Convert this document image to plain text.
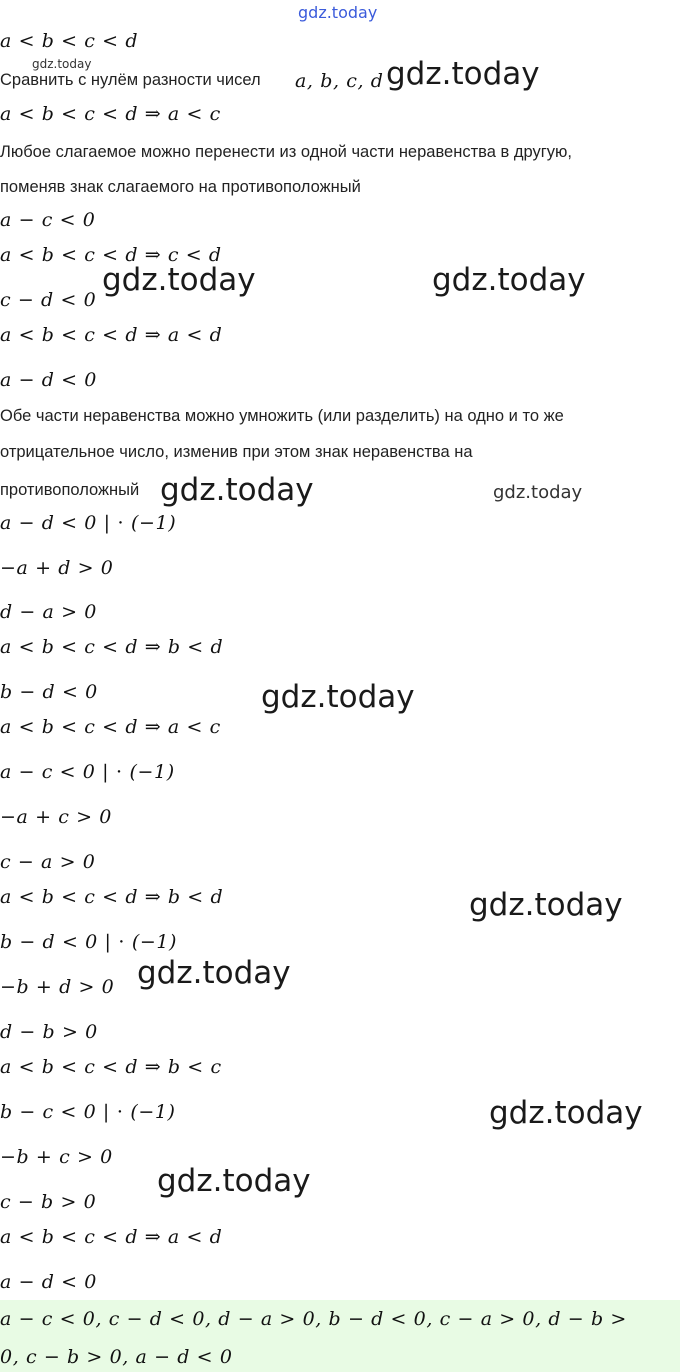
a < b < c < d
Сравнить с нулём разности чисел a, b, c, d
a < b < c < d ⇒ a < c
Любое слагаемое можно перенести из одной части неравенства в другую,
поменяв знак слагаемого на противоположный
a − c < 0
a < b < c < d ⇒ c < d
c − d < 0
a < b < c < d ⇒ a < d
a − d < 0
Обе части неравенства можно умножить (или разделить) на одно и то же
отрицательное число, изменив при этом знак неравенства на
противоположный
a − d < 0 | ⋅ (−1)
−a + d > 0
d − a > 0
a < b < c < d ⇒ b < d
b − d < 0
a < b < c < d ⇒ a < c
a − c < 0 | ⋅ (−1)
−a + c > 0
c − a > 0
a < b < c < d ⇒ b < d
b − d < 0 | ⋅ (−1)
−b + d > 0
d − b > 0
a < b < c < d ⇒ b < c
b − c < 0 | ⋅ (−1)
−b + c > 0
c − b > 0
a < b < c < d ⇒ a < d
a − d < 0
a − c < 0, c − d < 0, d − a > 0, b − d < 0, c − a > 0, d − b >
0, c − b > 0, a − d < 0
gdz.today
gdz.today	gdz.today
gdz.today	gdz.today
gdz.today	gdz.today
gdz.today
gdz.today
gdz.today
gdz.today
gdz.today
